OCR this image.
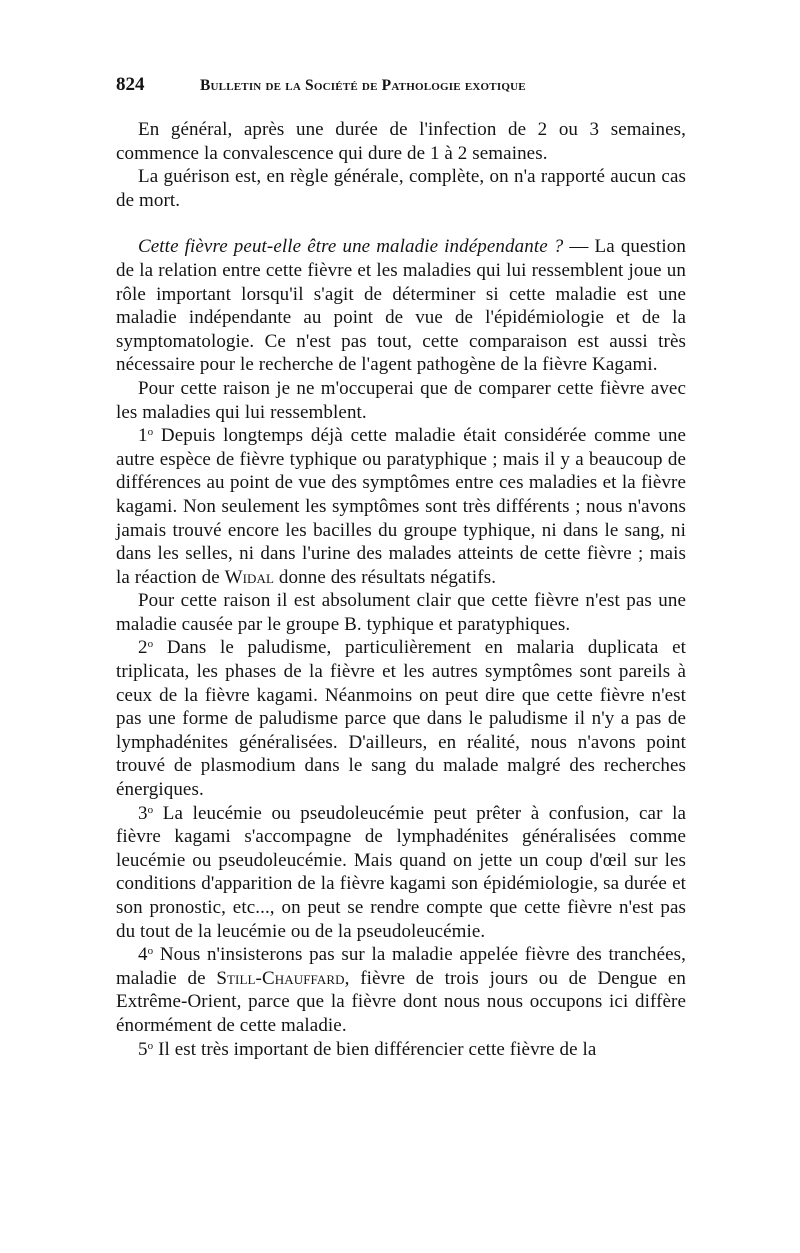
824	Bulletin de la Société de Pathologie exotique

En général, après une durée de l'infection de 2 ou 3 semaines, commence la convalescence qui dure de 1 à 2 semaines.

La guérison est, en règle générale, complète, on n'a rapporté aucun cas de mort.

Cette fièvre peut-elle être une maladie indépendante ? — La question de la relation entre cette fièvre et les maladies qui lui ressemblent joue un rôle important lorsqu'il s'agit de déterminer si cette maladie est une maladie indépendante au point de vue de l'épidémiologie et de la symptomatologie. Ce n'est pas tout, cette comparaison est aussi très nécessaire pour le recherche de l'agent pathogène de la fièvre Kagami.

Pour cette raison je ne m'occuperai que de comparer cette fièvre avec les maladies qui lui ressemblent.

1$^o$ Depuis longtemps déjà cette maladie était considérée comme une autre espèce de fièvre typhique ou paratyphique ; mais il y a beaucoup de différences au point de vue des symptômes entre ces maladies et la fièvre kagami. Non seulement les symptômes sont très différents ; nous n'avons jamais trouvé encore les bacilles du groupe typhique, ni dans le sang, ni dans les selles, ni dans l'urine des malades atteints de cette fièvre ; mais la réaction de Widal donne des résultats négatifs.

Pour cette raison il est absolument clair que cette fièvre n'est pas une maladie causée par le groupe B. typhique et paratyphiques.

2$^o$ Dans le paludisme, particulièrement en malaria duplicata et triplicata, les phases de la fièvre et les autres symptômes sont pareils à ceux de la fièvre kagami. Néanmoins on peut dire que cette fièvre n'est pas une forme de paludisme parce que dans le paludisme il n'y a pas de lymphadénites généralisées. D'ailleurs, en réalité, nous n'avons point trouvé de plasmodium dans le sang du malade malgré des recherches énergiques.

3$^o$ La leucémie ou pseudoleucémie peut prêter à confusion, car la fièvre kagami s'accompagne de lymphadénites généralisées comme leucémie ou pseudoleucémie. Mais quand on jette un coup d'œil sur les conditions d'apparition de la fièvre kagami son épidémiologie, sa durée et son pronostic, etc..., on peut se rendre compte que cette fièvre n'est pas du tout de la leucémie ou de la pseudoleucémie.

4$^o$ Nous n'insisterons pas sur la maladie appelée fièvre des tranchées, maladie de Still-Chauffard, fièvre de trois jours ou de Dengue en Extrême-Orient, parce que la fièvre dont nous nous occupons ici diffère énormément de cette maladie.

5$^o$ Il est très important de bien différencier cette fièvre de la
